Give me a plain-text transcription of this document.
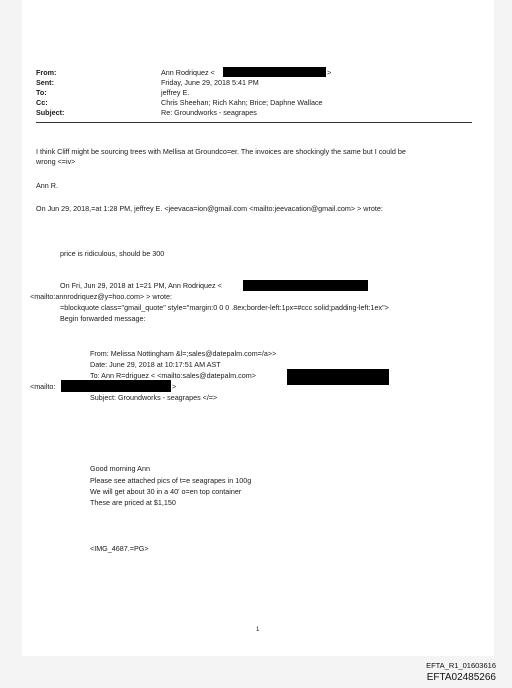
From:	Ann Rodriquez <	>
Sent:	Friday, June 29, 2018 5:41 PM
To:	jeffrey E.
Cc:	Chris Sheehan; Rich Kahn; Brice; Daphne Wallace
Subject:	Re: Groundworks - seagrapes
I think Cliff might be sourcing trees with Mellisa at Groundco=er. The invoices are shockingly the same but I could be
wrong <=iv>
Ann R.
On Jun 29, 2018,=at 1:28 PM, jeffrey E. <jeevaca=ion@gmail.com <mailto:jeevacation@gmail.com> > wrote:
price is ridiculous, should be 300
On Fri, Jun 29, 2018 at 1=21 PM, Ann Rodriquez <
<mailto:annrodriquez@y=hoo.com> > wrote:
=blockquote class="gmail_quote" style="margin:0 0 0 .8ex;border-left:1px=#ccc solid;padding-left:1ex">
Begin forwarded message:
From: Melissa Nottingham &l=;sales@datepalm.com=/a>>
Date: June 29, 2018 at 10:17:51 AM AST
To: Ann R=driguez < <mailto:sales@datepalm.com>
<mailto:	>
Subject: Groundworks - seagrapes </=>
Good morning Ann
Please see attached pics of t=e seagrapes in 100g
We will get about 30 in a 40' o=en top container
These are priced at $1,150
<IMG_4687.=PG>
1
EFTA_R1_01603616
EFTA02485266
